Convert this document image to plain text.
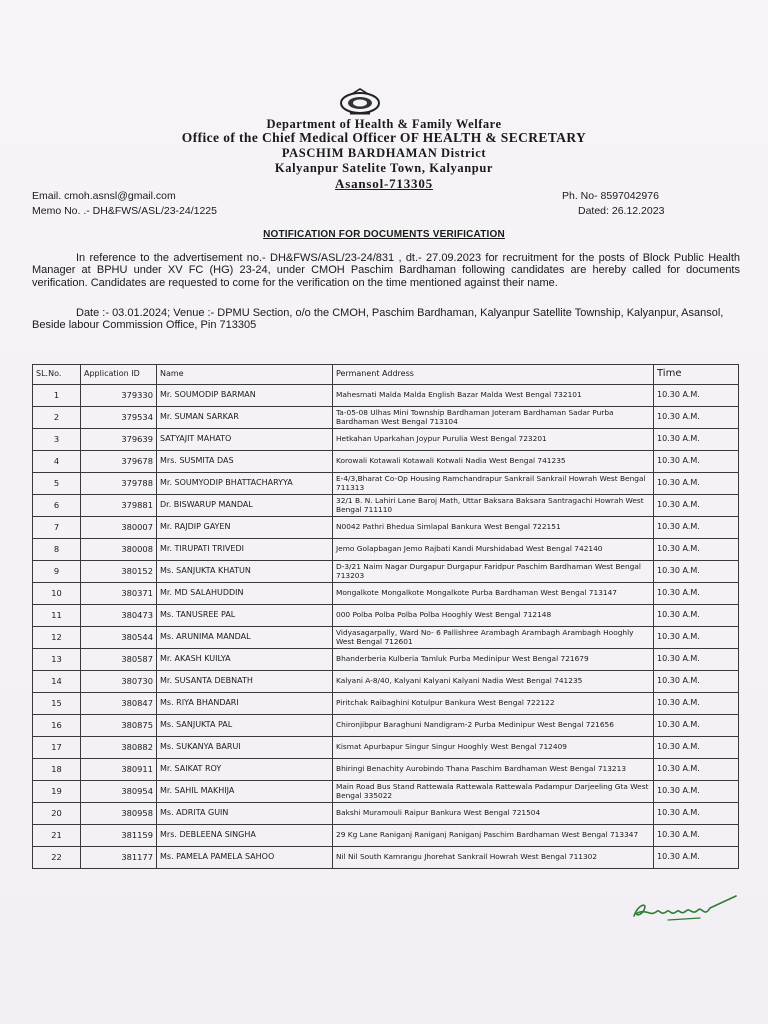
Department of Health & Family Welfare
Office of the Chief Medical Officer OF HEALTH & SECRETARY
PASCHIM BARDHAMAN District
Kalyanpur Satelite Town, Kalyanpur
Asansol-713305
Email. cmoh.asnsl@gmail.com	Ph. No- 8597042976
Memo No. .- DH&FWS/ASL/23-24/1225	Dated: 26.12.2023
NOTIFICATION FOR DOCUMENTS VERIFICATION
In reference to the advertisement no.- DH&FWS/ASL/23-24/831 , dt.- 27.09.2023 for recruitment for the posts of Block Public Health Manager at BPHU under XV FC (HG) 23-24, under CMOH Paschim Bardhaman following candidates are hereby called for documents verification. Candidates are requested to come for the verification on the time mentioned against their name.
Date :- 03.01.2024; Venue :- DPMU Section, o/o the CMOH, Paschim Bardhaman, Kalyanpur Satellite Township, Kalyanpur, Asansol, Beside labour Commission Office, Pin 713305
SL.No.	Application ID	Name	Permanent Address	Time
1	379330	Mr. SOUMODIP BARMAN	Mahesmati Malda Malda English Bazar Malda West Bengal 732101	10.30 A.M.
2	379534	Mr. SUMAN SARKAR	Ta-05-08 Ulhas Mini Township Bardhaman Joteram Bardhaman Sadar Purba Bardhaman West Bengal 713104	10.30 A.M.
3	379639	SATYAJIT MAHATO	Hetkahan Uparkahan Joypur Purulia West Bengal 723201	10.30 A.M.
4	379678	Mrs. SUSMITA DAS	Korowali Kotawali Kotawali Kotwali Nadia West Bengal 741235	10.30 A.M.
5	379788	Mr. SOUMYODIP BHATTACHARYYA	E-4/3,Bharat Co-Op Housing Ramchandrapur Sankrail Sankrail Howrah West Bengal 711313	10.30 A.M.
6	379881	Dr. BISWARUP MANDAL	32/1 B. N. Lahiri Lane Baroj Math, Uttar Baksara Baksara Santragachi Howrah West Bengal 711110	10.30 A.M.
7	380007	Mr. RAJDIP GAYEN	N0042 Pathri Bhedua Simlapal Bankura West Bengal 722151	10.30 A.M.
8	380008	Mr. TIRUPATI TRIVEDI	Jemo Golapbagan Jemo Rajbati Kandi Murshidabad West Bengal 742140	10.30 A.M.
9	380152	Ms. SANJUKTA KHATUN	D-3/21 Naim Nagar Durgapur Durgapur Faridpur Paschim Bardhaman West Bengal 713203	10.30 A.M.
10	380371	Mr. MD SALAHUDDIN	Mongalkote Mongalkote Mongalkote Purba Bardhaman West Bengal 713147	10.30 A.M.
11	380473	Ms. TANUSREE PAL	000 Polba Polba Polba Polba Hooghly West Bengal 712148	10.30 A.M.
12	380544	Ms. ARUNIMA MANDAL	Vidyasagarpally, Ward No- 6 Pallishree Arambagh Arambagh Arambagh Hooghly West Bengal 712601	10.30 A.M.
13	380587	Mr. AKASH KUILYA	Bhanderberia Kulberia Tamluk Purba Medinipur West Bengal 721679	10.30 A.M.
14	380730	Mr. SUSANTA DEBNATH	Kalyani A-8/40, Kalyani Kalyani Kalyani Nadia West Bengal 741235	10.30 A.M.
15	380847	Ms. RIYA BHANDARI	Piritchak Raibaghini Kotulpur Bankura West Bengal 722122	10.30 A.M.
16	380875	Ms. SANJUKTA PAL	Chironjibpur Baraghuni Nandigram-2 Purba Medinipur West Bengal 721656	10.30 A.M.
17	380882	Ms. SUKANYA BARUI	Kismat Apurbapur Singur Singur Hooghly West Bengal 712409	10.30 A.M.
18	380911	Mr. SAIKAT ROY	Bhiringi Benachity Aurobindo Thana Paschim Bardhaman West Bengal 713213	10.30 A.M.
19	380954	Mr. SAHIL MAKHIJA	Main Road Bus Stand Rattewala Rattewala Rattewala Padampur Darjeeling Gta West Bengal 335022	10.30 A.M.
20	380958	Ms. ADRITA GUIN	Bakshi Muramouli Raipur Bankura West Bengal 721504	10.30 A.M.
21	381159	Mrs. DEBLEENA SINGHA	29 Kg Lane Raniganj Raniganj Raniganj Paschim Bardhaman West Bengal 713347	10.30 A.M.
22	381177	Ms. PAMELA PAMELA SAHOO	Nil Nil South Kamrangu Jhorehat Sankrail Howrah West Bengal 711302	10.30 A.M.
